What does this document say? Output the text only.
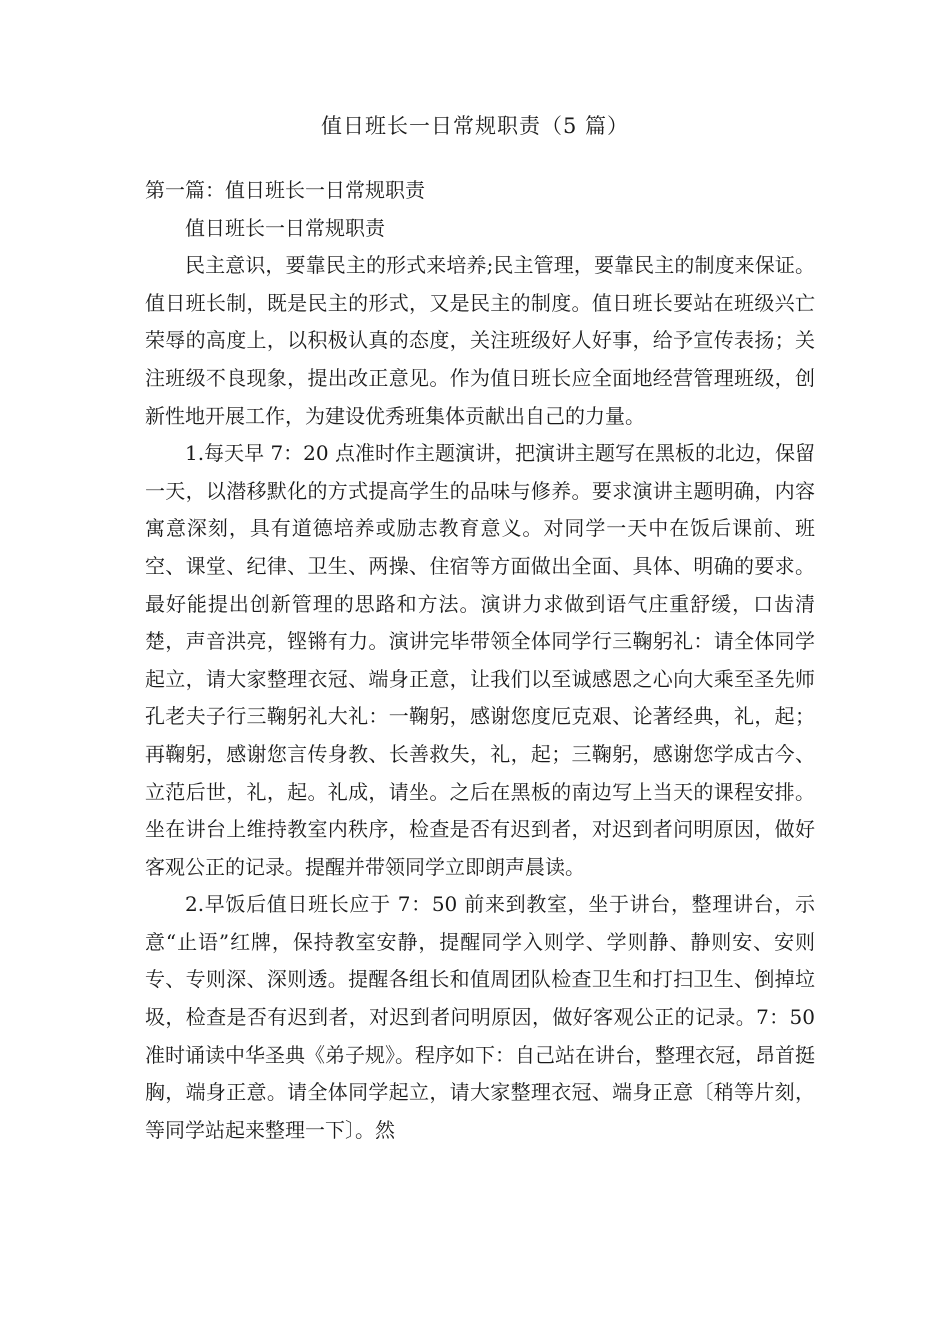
值日班长一日常规职责（5 篇）

第一篇：值日班长一日常规职责

值日班长一日常规职责

民主意识，要靠民主的形式来培养;民主管理，要靠民主的制度来保证。值日班长制，既是民主的形式，又是民主的制度。值日班长要站在班级兴亡荣辱的高度上，以积极认真的态度，关注班级好人好事，给予宣传表扬；关注班级不良现象，提出改正意见。作为值日班长应全面地经营管理班级，创新性地开展工作，为建设优秀班集体贡献出自己的力量。

1.每天早 7：20 点准时作主题演讲，把演讲主题写在黑板的北边，保留一天，以潜移默化的方式提高学生的品味与修养。要求演讲主题明确，内容寓意深刻，具有道德培养或励志教育意义。对同学一天中在饭后课前、班空、课堂、纪律、卫生、两操、住宿等方面做出全面、具体、明确的要求。最好能提出创新管理的思路和方法。演讲力求做到语气庄重舒缓，口齿清楚，声音洪亮，铿锵有力。演讲完毕带领全体同学行三鞠躬礼：请全体同学起立，请大家整理衣冠、端身正意，让我们以至诚感恩之心向大乘至圣先师孔老夫子行三鞠躬礼大礼：一鞠躬，感谢您度厄克艰、论著经典，礼，起；再鞠躬，感谢您言传身教、长善救失，礼，起；三鞠躬，感谢您学成古今、立范后世，礼，起。礼成，请坐。之后在黑板的南边写上当天的课程安排。坐在讲台上维持教室内秩序，检查是否有迟到者，对迟到者问明原因，做好客观公正的记录。提醒并带领同学立即朗声晨读。

2.早饭后值日班长应于 7：50 前来到教室，坐于讲台，整理讲台，示意“止语”红牌，保持教室安静，提醒同学入则学、学则静、静则安、安则专、专则深、深则透。提醒各组长和值周团队检查卫生和打扫卫生、倒掉垃圾，检查是否有迟到者，对迟到者问明原因，做好客观公正的记录。7：50 准时诵读中华圣典《弟子规》。程序如下：自己站在讲台，整理衣冠，昂首挺胸，端身正意。请全体同学起立，请大家整理衣冠、端身正意〔稍等片刻，等同学站起来整理一下〕。然
